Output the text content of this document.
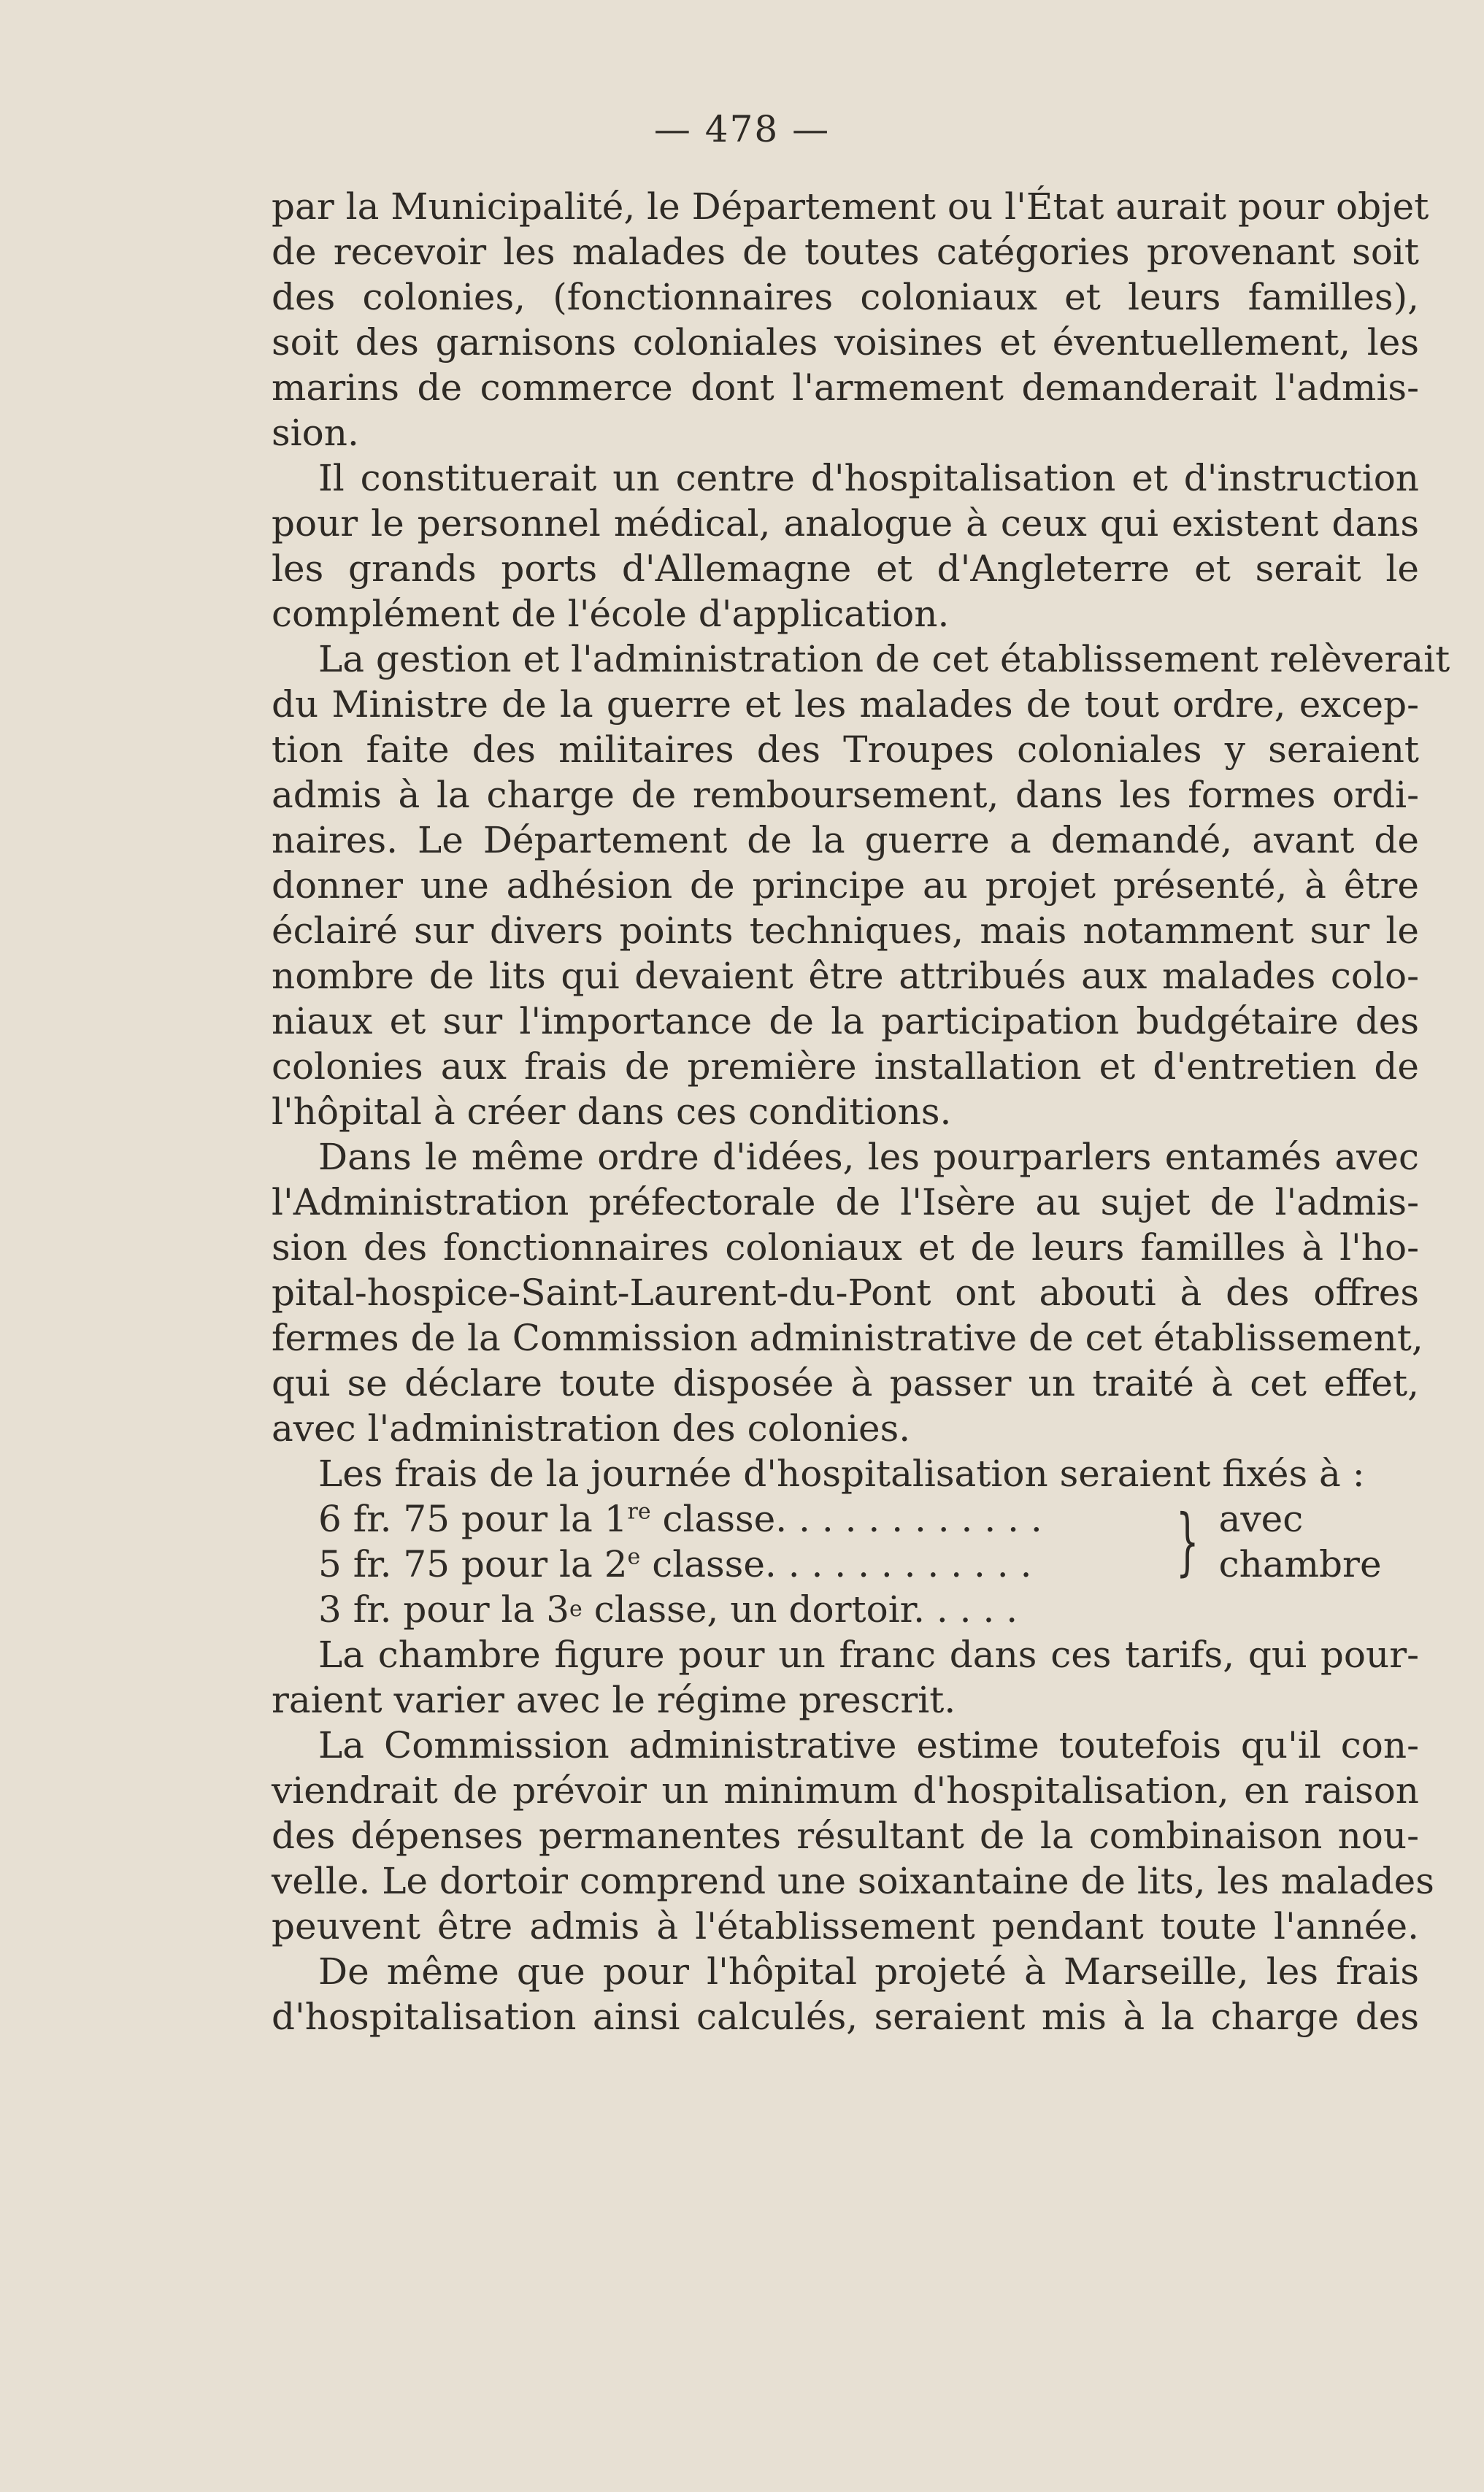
— 478 —
par la Municipalité, le Département ou l'État aurait pour objet
de recevoir les malades de toutes catégories provenant soit
des colonies, (fonctionnaires coloniaux et leurs familles),
soit des garnisons coloniales voisines et éventuellement, les
marins de commerce dont l'armement demanderait l'admis-
sion.
Il constituerait un centre d'hospitalisation et d'instruction
pour le personnel médical, analogue à ceux qui existent dans
les grands ports d'Allemagne et d'Angleterre et serait le
complément de l'école d'application.
La gestion et l'administration de cet établissement relèverait
du Ministre de la guerre et les malades de tout ordre, excep-
tion faite des militaires des Troupes coloniales y seraient
admis à la charge de remboursement, dans les formes ordi-
naires. Le Département de la guerre a demandé, avant de
donner une adhésion de principe au projet présenté, à être
éclairé sur divers points techniques, mais notamment sur le
nombre de lits qui devaient être attribués aux malades colo-
niaux et sur l'importance de la participation budgétaire des
colonies aux frais de première installation et d'entretien de
l'hôpital à créer dans ces conditions.
Dans le même ordre d'idées, les pourparlers entamés avec
l'Administration préfectorale de l'Isère au sujet de l'admis-
sion des fonctionnaires coloniaux et de leurs familles à l'ho-
pital-hospice-Saint-Laurent-du-Pont ont abouti à des offres
fermes de la Commission administrative de cet établissement,
qui se déclare toute disposée à passer un traité à cet effet,
avec l'administration des colonies.
Les frais de la journée d'hospitalisation seraient fixés à :
6 fr. 75 pour la 1re classe. . . . . . . . . . . .
5 fr. 75 pour la 2e classe. . . . . . . . . . . .	} avec chambre
3 fr. pour la 3 e classe, un dortoir. . . . .
La chambre figure pour un franc dans ces tarifs, qui pour-
raient varier avec le régime prescrit.
La Commission administrative estime toutefois qu'il con-
viendrait de prévoir un minimum d'hospitalisation, en raison
des dépenses permanentes résultant de la combinaison nou-
velle. Le dortoir comprend une soixantaine de lits, les malades
peuvent être admis à l'établissement pendant toute l'année.
De même que pour l'hôpital projeté à Marseille, les frais
d'hospitalisation ainsi calculés, seraient mis à la charge des
